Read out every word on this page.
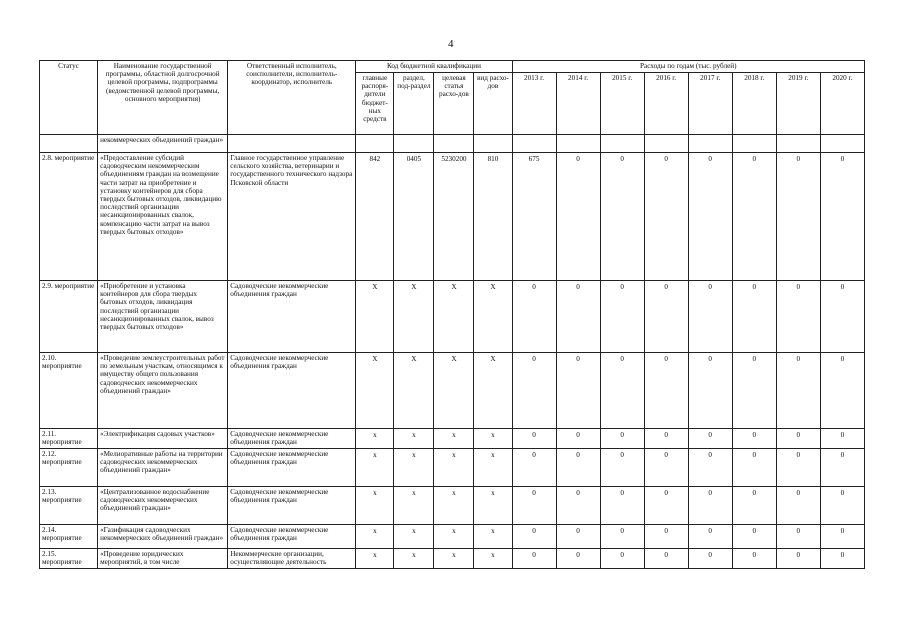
4
Статус	Наименование государственной программы, областной долгосрочной целевой программы, подпрограммы (ведомственной целевой программы, основного мероприятия)	Ответственный исполнитель, соисполнители, исполнитель-координатор, исполнитель	Код бюджетной квалификации				Расходы по годам (тыс. рублей)							
			главные распоря-дители бюджет-ных средств	раздел, под-раздел	целевая статья расхо-дов	вид расхо-дов	2013 г.	2014 г.	2015 г.	2016 г.	2017 г.	2018 г.	2019 г.	2020 г.
	некоммерческих объединений граждан»													
2.8. мероприятие	«Предоставление субсидий садоводческим некоммерческим объединениям граждан на возмещение части затрат на приобретение и установку контейнеров для сбора твердых бытовых отходов, ликвидацию последствий организации несанкционированных свалок, компенсацию части затрат на вывоз твердых бытовых отходов»	Главное государственное управление сельского хозяйства, ветеринарии и государственного технического надзора Псковской области	842	0405	5230200	810	675	0	0	0	0	0	0	0
2.9. мероприятие	«Приобретение и установка контейнеров для сбора твердых бытовых отходов, ликвидация последствий организации несанкционированных свалок, вывоз твердых бытовых отходов»	Садоводческие некоммерческие объединения граждан	Х	Х	Х	Х	0	0	0	0	0	0	0	0
2.10. мероприятие	«Проведение землеустроительных работ по земельным участкам, относящимся к имуществу общего пользования садоводческих некоммерческих объединений граждан»	Садоводческие некоммерческие объединения граждан	Х	Х	Х	Х	0	0	0	0	0	0	0	0
2.11. мероприятие	«Электрификация садовых участков»	Садоводческие некоммерческие объединения граждан	х	х	х	х	0	0	0	0	0	0	0	0
2.12. мероприятие	«Мелиоративные работы на территории садоводческих некоммерческих объединений граждан»	Садоводческие некоммерческие объединения граждан	х	х	х	х	0	0	0	0	0	0	0	0
2.13. мероприятие	«Централизованное водоснабжение садоводческих некоммерческих объединений граждан»	Садоводческие некоммерческие объединения граждан	х	х	х	х	0	0	0	0	0	0	0	0
2.14. мероприятие	«Газификация садоводческих некоммерческих объединений граждан»	Садоводческие некоммерческие объединения граждан	х	х	х	х	0	0	0	0	0	0	0	0
2.15. мероприятие	«Проведение юридических мероприятий, в том числе	Некоммерческие организации, осуществляющие деятельность	х	х	х	х	0	0	0	0	0	0	0	0
